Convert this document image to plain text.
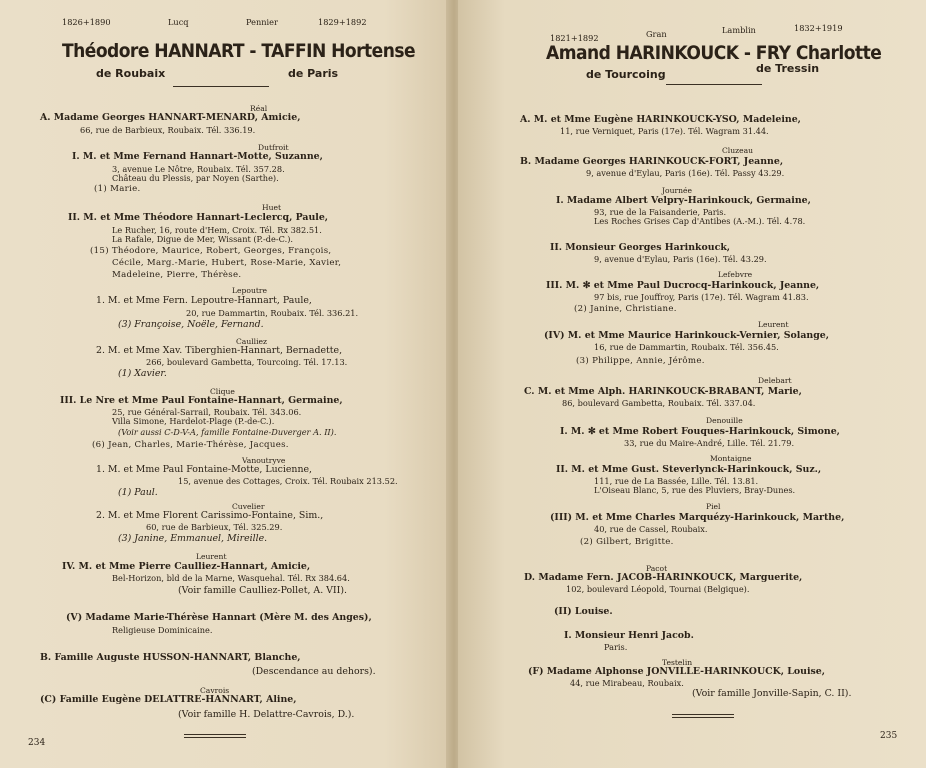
1826+1890	Lucq	Pennier	1829+1892
Théodore HANNART - TAFFIN Hortense
de Roubaix	de Paris
Réal
A. Madame Georges HANNART-MENARD, Amicie,
66, rue de Barbieux, Roubaix. Tél. 336.19.
Dutfroit
I. M. et Mme Fernand Hannart-Motte, Suzanne,
3, avenue Le Nôtre, Roubaix. Tél. 357.28.
Château du Plessis, par Noyen (Sarthe).
(1) Marie.
Huet
II. M. et Mme Théodore Hannart-Leclercq, Paule,
Le Rucher, 16, route d'Hem, Croix. Tél. Rx 382.51.
La Rafale, Digue de Mer, Wissant (P.-de-C.).
(15) Théodore, Maurice, Robert, Georges, François,
Cécile, Marg.-Marie, Hubert, Rose-Marie, Xavier,
Madeleine, Pierre, Thérèse.
Lepoutre
1. M. et Mme Fern. Lepoutre-Hannart, Paule,
20, rue Dammartin, Roubaix. Tél. 336.21.
(3) Françoise, Noële, Fernand.
Caulliez
2. M. et Mme Xav. Tiberghien-Hannart, Bernadette,
266, boulevard Gambetta, Tourcoing. Tél. 17.13.
(1) Xavier.
Clique
III. Le Nre et Mme Paul Fontaine-Hannart, Germaine,
25, rue Général-Sarrail, Roubaix. Tél. 343.06.
Villa Simone, Hardelot-Plage (P.-de-C.).
(Voir aussi C-D-V-A, famille Fontaine-Duverger A. II).
(6) Jean, Charles, Marie-Thérèse, Jacques.
Vanoutryve
1. M. et Mme Paul Fontaine-Motte, Lucienne,
15, avenue des Cottages, Croix. Tél. Roubaix 213.52.
(1) Paul.
Cuvelier
2. M. et Mme Florent Carissimo-Fontaine, Sim.,
60, rue de Barbieux, Tél. 325.29.
(3) Janine, Emmanuel, Mireille.
Leurent
IV. M. et Mme Pierre Caulliez-Hannart, Amicie,
Bel-Horizon, bld de la Marne, Wasquehal. Tél. Rx 384.64.
(Voir famille Caulliez-Pollet, A. VII).
(V) Madame Marie-Thérèse Hannart (Mère M. des Anges),
Religieuse Dominicaine.
B. Famille Auguste HUSSON-HANNART, Blanche,
(Descendance au dehors).
Cavrois
(C) Famille Eugène DELATTRE-HANNART, Aline,
(Voir famille H. Delattre-Cavrois, D.).
234
1821+1892	Gran	Lamblin	1832+1919
Amand HARINKOUCK - FRY Charlotte
de Tourcoing	de Tressin
A. M. et Mme Eugène HARINKOUCK-YSO, Madeleine,
11, rue Verniquet, Paris (17e). Tél. Wagram 31.44.
Cluzeau
B. Madame Georges HARINKOUCK-FORT, Jeanne,
9, avenue d'Eylau, Paris (16e). Tél. Passy 43.29.
Journée
I. Madame Albert Velpry-Harinkouck, Germaine,
93, rue de la Faisanderie, Paris.
Les Roches Grises Cap d'Antibes (A.-M.). Tél. 4.78.
II. Monsieur Georges Harinkouck,
9, avenue d'Eylau, Paris (16e). Tél. 43.29.
Lefebvre
III. M. ✻ et Mme Paul Ducrocq-Harinkouck, Jeanne,
97 bis, rue Jouffroy, Paris (17e). Tél. Wagram 41.83.
(2) Janine, Christiane.
Leurent
(IV) M. et Mme Maurice Harinkouck-Vernier, Solange,
16, rue de Dammartin, Roubaix. Tél. 356.45.
(3) Philippe, Annie, Jérôme.
Delebart
C. M. et Mme Alph. HARINKOUCK-BRABANT, Marie,
86, boulevard Gambetta, Roubaix. Tél. 337.04.
Denouille
I. M. ✻ et Mme Robert Fouques-Harinkouck, Simone,
33, rue du Maire-André, Lille. Tél. 21.79.
Montaigne
II. M. et Mme Gust. Steverlynck-Harinkouck, Suz.,
111, rue de La Bassée, Lille. Tél. 13.81.
L'Oiseau Blanc, 5, rue des Pluviers, Bray-Dunes.
Piel
(III) M. et Mme Charles Marquézy-Harinkouck, Marthe,
40, rue de Cassel, Roubaix.
(2) Gilbert, Brigitte.
Pacot
D. Madame Fern. JACOB-HARINKOUCK, Marguerite,
102, boulevard Léopold, Tournai (Belgique).
(II) Louise.
I. Monsieur Henri Jacob.
Paris.
Testelin
(F) Madame Alphonse JONVILLE-HARINKOUCK, Louise,
44, rue Mirabeau, Roubaix.
(Voir famille Jonville-Sapin, C. II).
235
